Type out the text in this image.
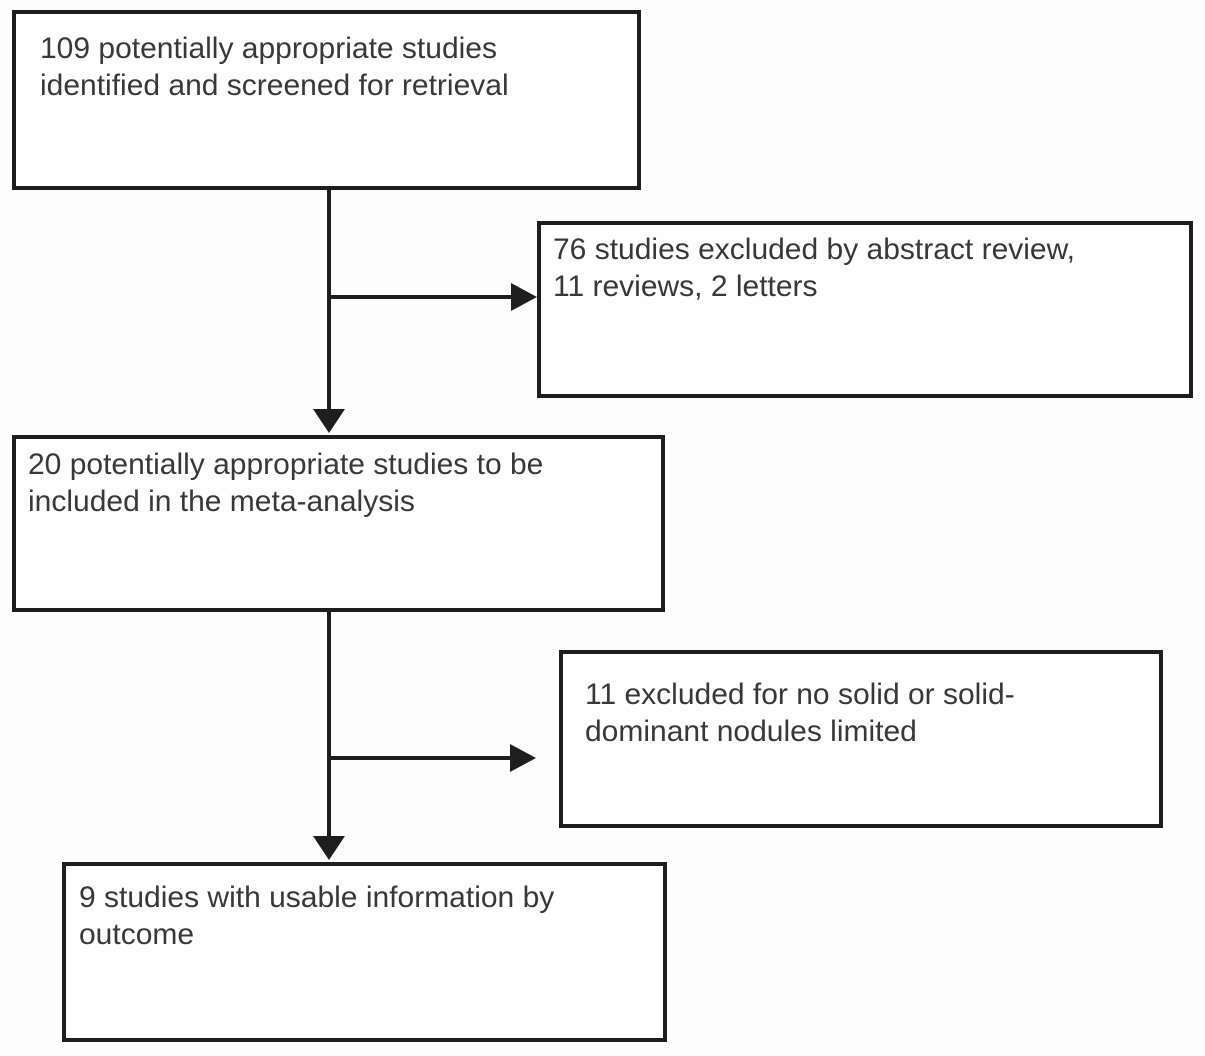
109 potentially appropriate studies
identified and screened for retrieval
76 studies excluded by abstract review,
11 reviews, 2 letters
20 potentially appropriate studies to be
included in the meta-analysis
11 excluded for no solid or solid-
dominant nodules limited
9 studies with usable information by
outcome
